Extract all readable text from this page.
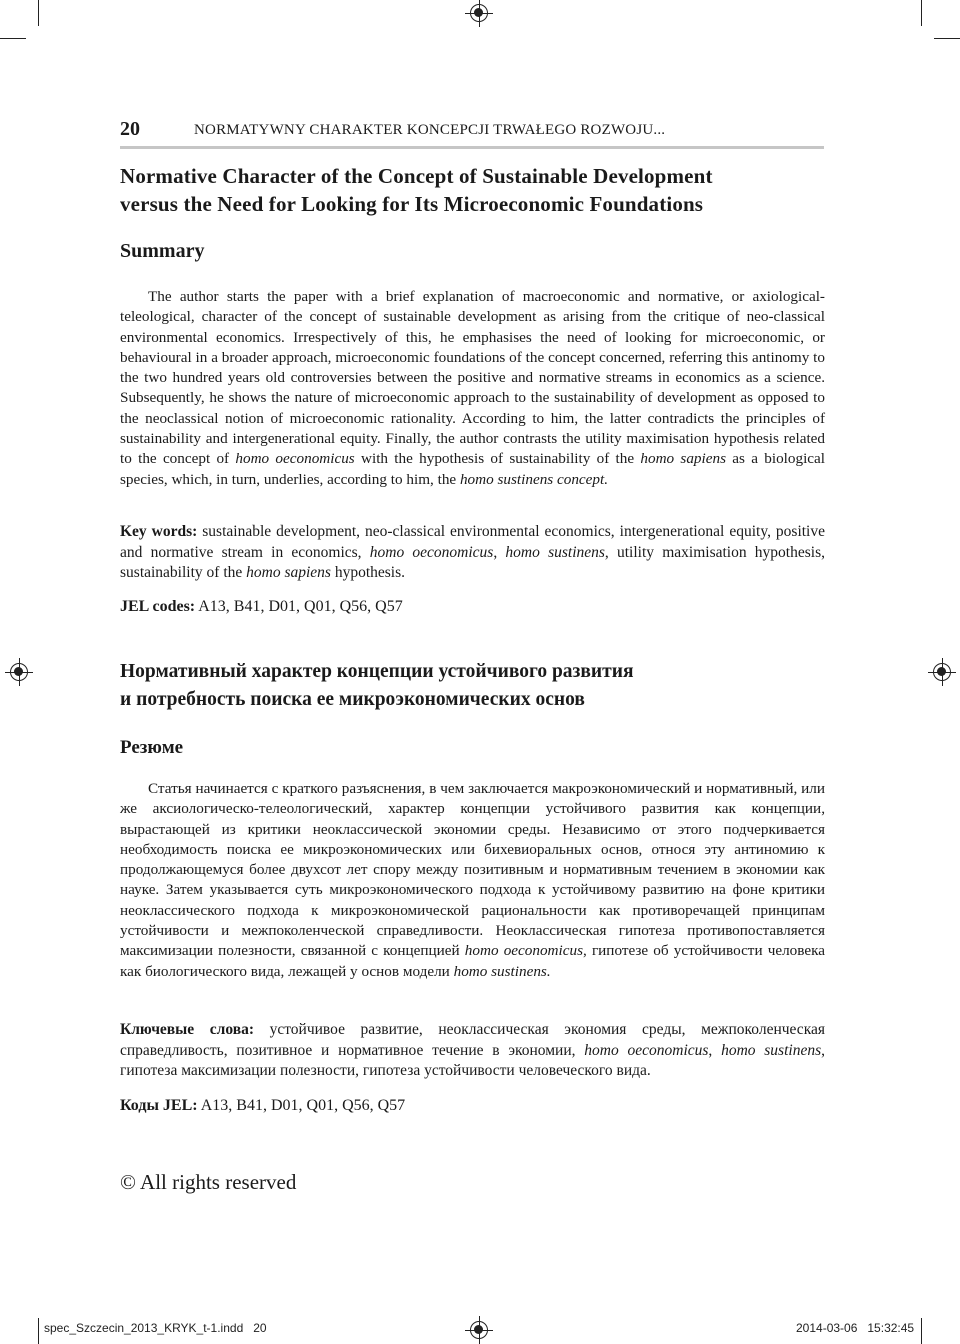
20	NORMATYWNY CHARAKTER KONCEPCJI TRWAŁEGO ROZWOJU...
Normative Character of the Concept of Sustainable Development
versus the Need for Looking for Its Microeconomic Foundations
Summary

The author starts the paper with a brief explanation of macroeconomic and normative, or axiological-teleological, character of the concept of sustainable development as arising from the critique of neo-classical environmental economics. Irrespectively of this, he emphasises the need of looking for microeconomic, or behavioural in a broader approach, microeconomic foundations of the concept concerned, referring this antinomy to the two hundred years old controversies between the positive and normative streams in economics as a science. Subsequently, he shows the nature of microeconomic approach to the sustainability of development as opposed to the neoclassical notion of microeconomic rationality. According to him, the latter contradicts the principles of sustainability and intergenerational equity. Finally, the author contrasts the utility maximisation hypothesis related to the concept of homo oeconomicus with the hypothesis of sustainability of the homo sapiens as a biological species, which, in turn, underlies, according to him, the homo sustinens concept.

Key words: sustainable development, neo-classical environmental economics, intergenerational equity, positive and normative stream in economics, homo oeconomicus, homo sustinens, utility maximisation hypothesis, sustainability of the homo sapiens hypothesis.
JEL codes: A13, B41, D01, Q01, Q56, Q57
Нормативный характер концепции устойчивого развития
и потребность поиска ее микроэкономических основ
Резюме

Статья начинается с краткого разъяснения, в чем заключается макроэкономический и нормативный, или же аксиологическо-телеологический, характер концепции устойчивого развития как концепции, вырастающей из критики неоклассической экономии среды. Независимо от этого подчеркивается необходимость поиска ее микроэкономических или бихевиоральных основ, относя эту антиномию к продолжающемуся более двухсот лет спору между позитивным и нормативным течением в экономии как науке. Затем указывается суть микроэкономического подхода к устойчивому развитию на фоне критики неоклассического подхода к микроэкономической рациональности как противоречащей принципам устойчивости и межпоколенческой справедливости. Неоклассическая гипотеза противопоставляется максимизации полезности, связанной с концепцией homo oeconomicus, гипотезе об устойчивости человека как биологического вида, лежащей у основ модели homo sustinens.

Ключевые слова: устойчивое развитие, неоклассическая экономия среды, межпоколенческая справедливость, позитивное и нормативное течение в экономии, homo oeconomicus, homo sustinens, гипотеза максимизации полезности, гипотеза устойчивости человеческого вида.
Коды JEL: A13, B41, D01, Q01, Q56, Q57
© All rights reserved
spec_Szczecin_2013_KRYK_t-1.indd   20	2014-03-06   15:32:45
